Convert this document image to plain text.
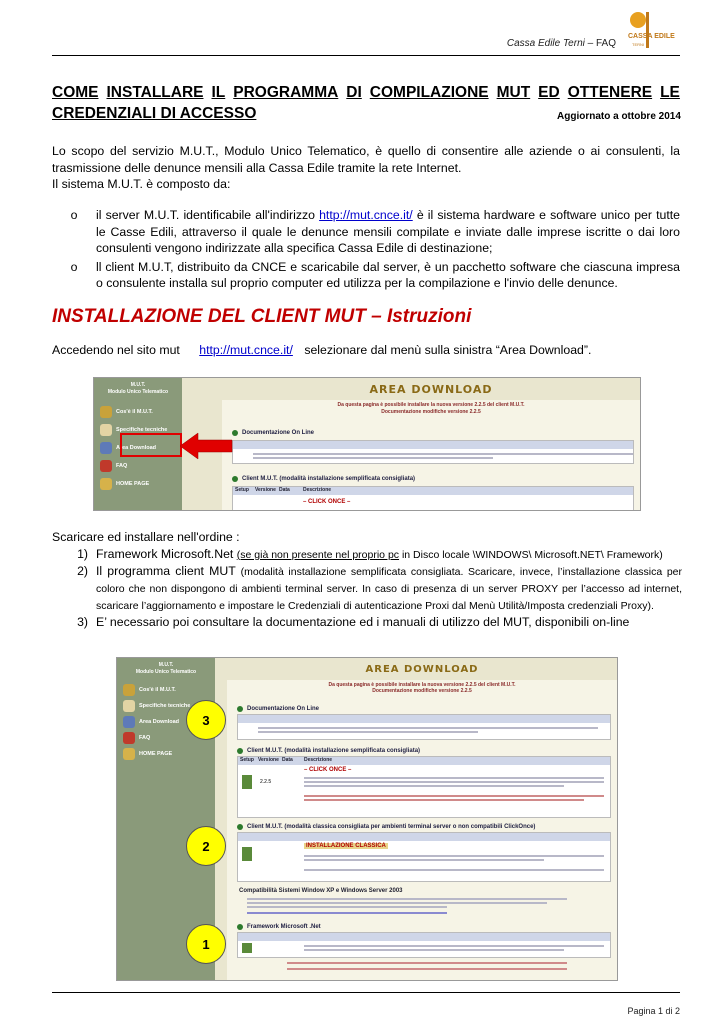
Cassa Edile Terni – FAQ
CASSA EDILE
TERNI
COME INSTALLARE IL PROGRAMMA DI COMPILAZIONE MUT ED OTTENERE LE
CREDENZIALI DI ACCESSO	Aggiornato a ottobre 2014
Lo scopo del servizio M.U.T., Modulo Unico Telematico, è quello di consentire alle aziende o ai consulenti, la trasmissione delle denunce mensili alla Cassa Edile tramite la rete Internet.
Il sistema M.U.T. è composto da:
o	il server M.U.T. identificabile all'indirizzo http://mut.cnce.it/ è il sistema hardware e software unico per tutte le Casse Edili, attraverso il quale le denunce mensili compilate e inviate dalle imprese iscritte o dai loro consulenti vengono indirizzate alla specifica Cassa Edile di destinazione;
o	ll client M.U.T, distribuito da CNCE e scaricabile dal server, è un pacchetto software che ciascuna impresa o consulente installa sul proprio computer ed utilizza per la compilazione e l'invio delle denunce.
INSTALLAZIONE DEL CLIENT MUT – Istruzioni
Accedendo nel sito mut http://mut.cnce.it/ selezionare dal menù sulla sinistra “Area Download”.
M.U.T.
Modulo Unico Telematico
Cos'è il M.U.T.
Specifiche tecniche
Area Download
FAQ
HOME PAGE
AREA DOWNLOAD
Da questa pagina è possibile installare la nuova versione 2.2.5 del client M.U.T.
Documentazione modifiche versione 2.2.5
Documentazione On Line
Client M.U.T. (modalità installazione semplificata consigliata)
Setup Versione Data	Descrizione
– CLICK ONCE –
Scaricare ed installare nell'ordine :
1) Framework Microsoft.Net (se già non presente nel proprio pc in Disco locale \WINDOWS\ Microsoft.NET\ Framework)
2) Il programma client MUT (modalità installazione semplificata consigliata. Scaricare, invece, l’installazione classica per coloro che non dispongono di ambienti terminal server. In caso di presenza di un server PROXY per l’accesso ad internet, scaricare l’aggiornamento e impostare le Credenziali di autenticazione Proxi dal Menù Utilità/Imposta credenziali Proxy).
3) E’ necessario poi consultare la documentazione ed i manuali di utilizzo del MUT, disponibili on-line
M.U.T.
Modulo Unico Telematico
Cos'è il M.U.T.
Specifiche tecniche
Area Download
FAQ
HOME PAGE
AREA DOWNLOAD
Da questa pagina è possibile installare la nuova versione 2.2.5 del client M.U.T.
Documentazione modifiche versione 2.2.5
Documentazione On Line
Client M.U.T. (modalità installazione semplificata consigliata)
Setup Versione Data Descrizione
2.2.5
– CLICK ONCE –
Client M.U.T. (modalità classica consigliata per ambienti terminal server o non compatibili ClickOnce)
INSTALLAZIONE CLASSICA
Compatibilità Sistemi Window XP e Windows Server 2003
Framework Microsoft .Net
3
2
1
Pagina 1 di 2
